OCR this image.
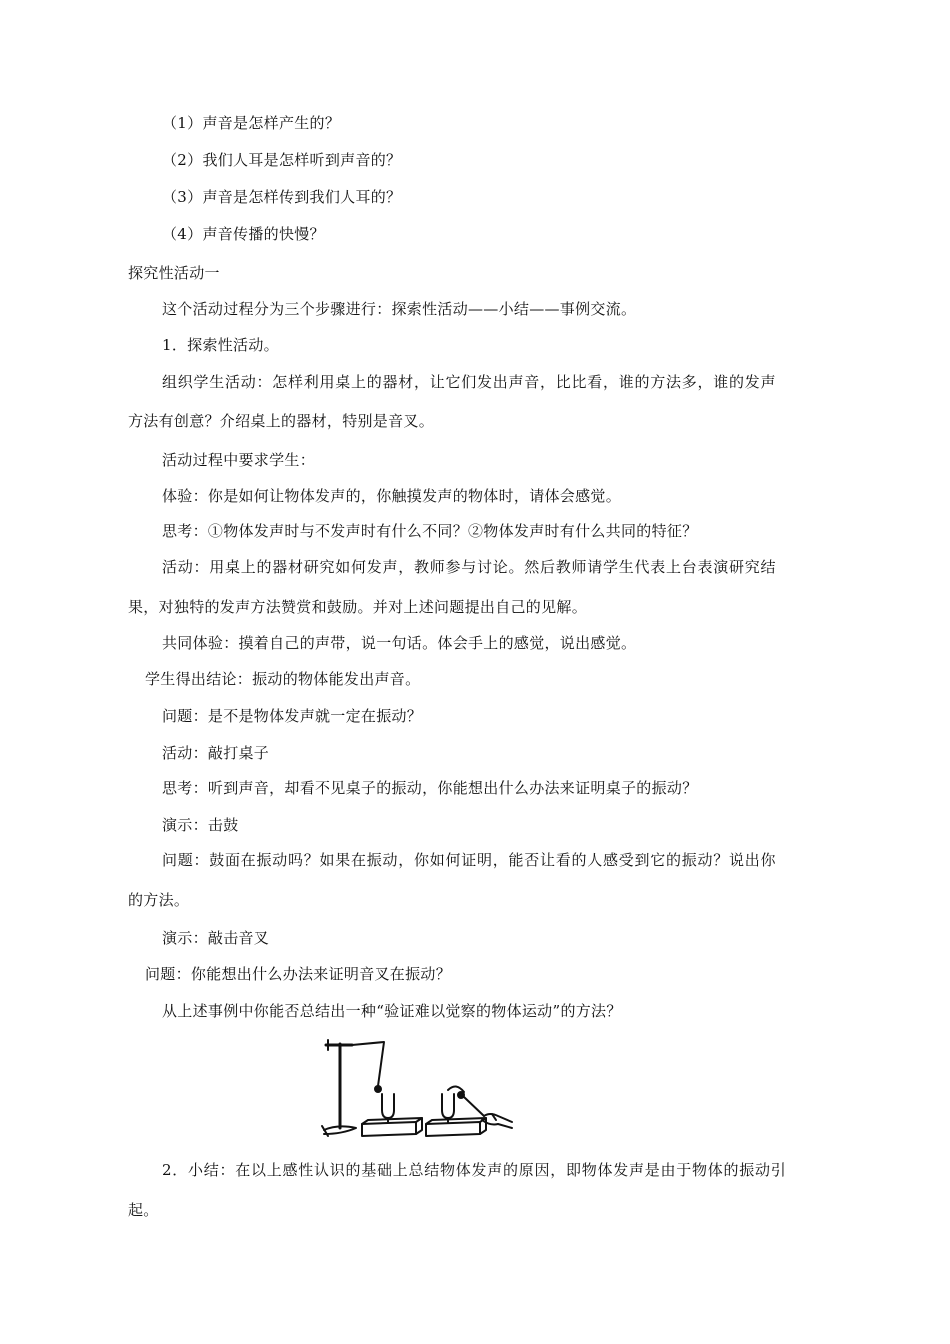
（1）声音是怎样产生的？
（2）我们人耳是怎样听到声音的？
（3）声音是怎样传到我们人耳的？
（4）声音传播的快慢？
探究性活动一
这个活动过程分为三个步骤进行：探索性活动——小结——事例交流。
1．探索性活动。
组织学生活动：怎样利用桌上的器材，让它们发出声音，比比看，谁的方法多，谁的发声
方法有创意？介绍桌上的器材，特别是音叉。
活动过程中要求学生：
体验：你是如何让物体发声的，你触摸发声的物体时，请体会感觉。
思考：①物体发声时与不发声时有什么不同？②物体发声时有什么共同的特征？
活动：用桌上的器材研究如何发声，教师参与讨论。然后教师请学生代表上台表演研究结
果，对独特的发声方法赞赏和鼓励。并对上述问题提出自己的见解。
共同体验：摸着自己的声带，说一句话。体会手上的感觉，说出感觉。
学生得出结论：振动的物体能发出声音。
问题：是不是物体发声就一定在振动？
活动：敲打桌子
思考：听到声音，却看不见桌子的振动，你能想出什么办法来证明桌子的振动？
演示：击鼓
问题：鼓面在振动吗？如果在振动，你如何证明，能否让看的人感受到它的振动？说出你
的方法。
演示：敲击音叉
问题：你能想出什么办法来证明音叉在振动？
从上述事例中你能否总结出一种“验证难以觉察的物体运动”的方法？
2．小结：在以上感性认识的基础上总结物体发声的原因，即物体发声是由于物体的振动引
起。
